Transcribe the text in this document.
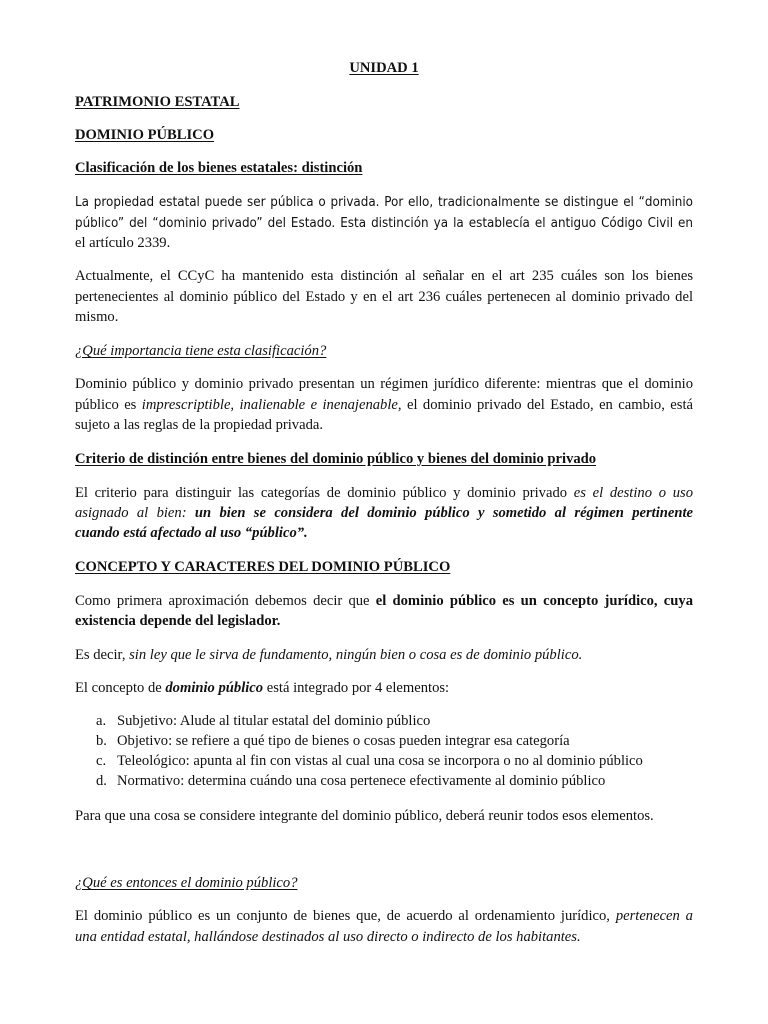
UNIDAD 1

PATRIMONIO ESTATAL

DOMINIO PÚBLICO

Clasificación de los bienes estatales: distinción

La propiedad estatal puede ser pública o privada. Por ello, tradicionalmente se distingue el “dominio

público” del “dominio privado” del Estado. Esta distinción ya la establecía el antiguo Código Civil en

el artículo 2339.

Actualmente, el CCyC ha mantenido esta distinción al señalar en el art 235 cuáles son los bienes

pertenecientes al dominio público del Estado y en el art 236 cuáles pertenecen al dominio privado del

mismo.

¿Qué importancia tiene esta clasificación?

Dominio público y dominio privado presentan un régimen jurídico diferente: mientras que el dominio

público es imprescriptible, inalienable e inenajenable, el dominio privado del Estado, en cambio, está

sujeto a las reglas de la propiedad privada.

Criterio de distinción entre bienes del dominio público y bienes del dominio privado

El criterio para distinguir las categorías de dominio público y dominio privado es el destino o uso

asignado al bien: un bien se considera del dominio público y sometido al régimen pertinente

cuando está afectado al uso “público”.

CONCEPTO Y CARACTERES DEL DOMINIO PÚBLICO

Como primera aproximación debemos decir que el dominio público es un concepto jurídico, cuya

existencia depende del legislador.

Es decir, sin ley que le sirva de fundamento, ningún bien o cosa es de dominio público.

El concepto de dominio público está integrado por 4 elementos:

a. Subjetivo: Alude al titular estatal del dominio público

b. Objetivo: se refiere a qué tipo de bienes o cosas pueden integrar esa categoría

c. Teleológico: apunta al fin con vistas al cual una cosa se incorpora o no al dominio público

d. Normativo: determina cuándo una cosa pertenece efectivamente al dominio público

Para que una cosa se considere integrante del dominio público, deberá reunir todos esos elementos.

¿Qué es entonces el dominio público?

El dominio público es un conjunto de bienes que, de acuerdo al ordenamiento jurídico, pertenecen a

una entidad estatal, hallándose destinados al uso directo o indirecto de los habitantes.
